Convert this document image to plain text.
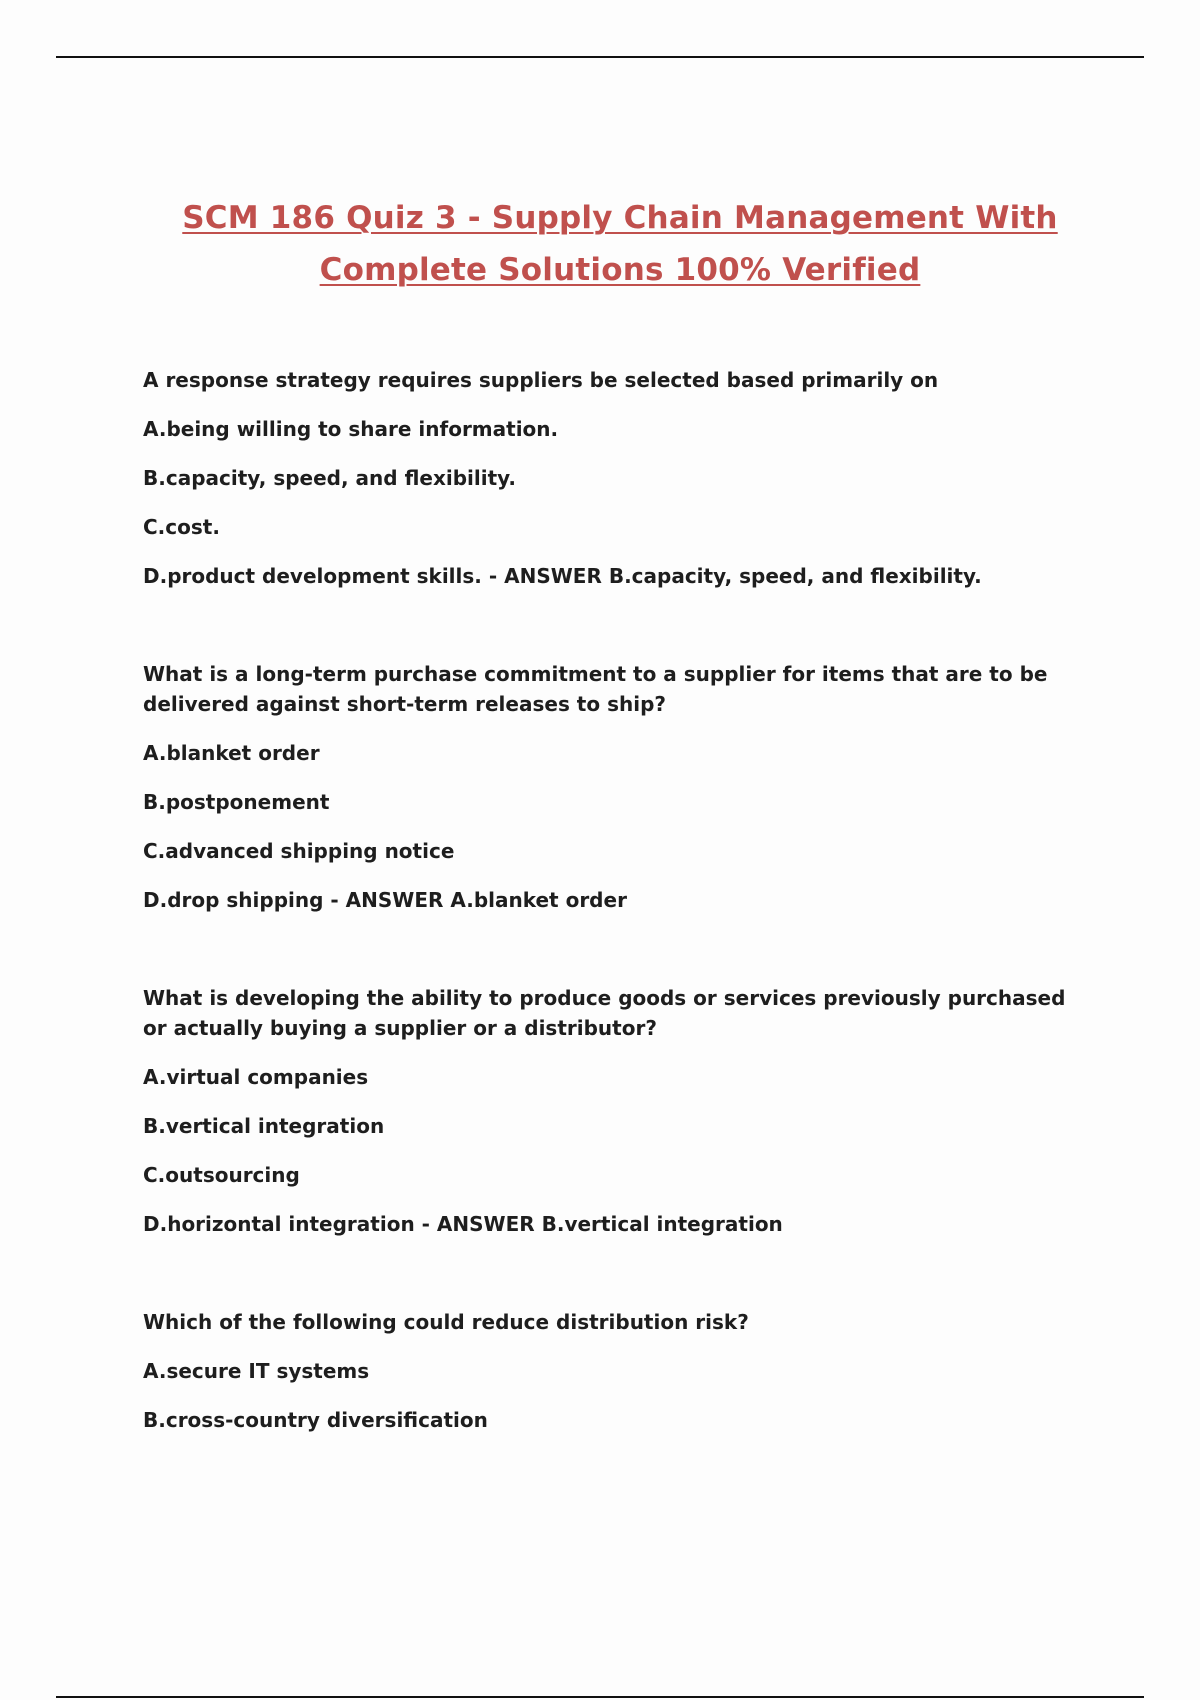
SCM 186 Quiz 3 - Supply Chain Management With
Complete Solutions 100% Verified
A response strategy requires suppliers be selected based primarily on
A.being willing to share information.
B.capacity, speed, and flexibility.
C.cost.
D.product development skills. - ANSWER B.capacity, speed, and flexibility.
What is a long-term purchase commitment to a supplier for items that are to be delivered against short-term releases to ship?
A.blanket order
B.postponement
C.advanced shipping notice
D.drop shipping - ANSWER A.blanket order
What is developing the ability to produce goods or services previously purchased or actually buying a supplier or a distributor?
A.virtual companies
B.vertical integration
C.outsourcing
D.horizontal integration - ANSWER B.vertical integration
Which of the following could reduce distribution risk?
A.secure IT systems
B.cross-country diversification
